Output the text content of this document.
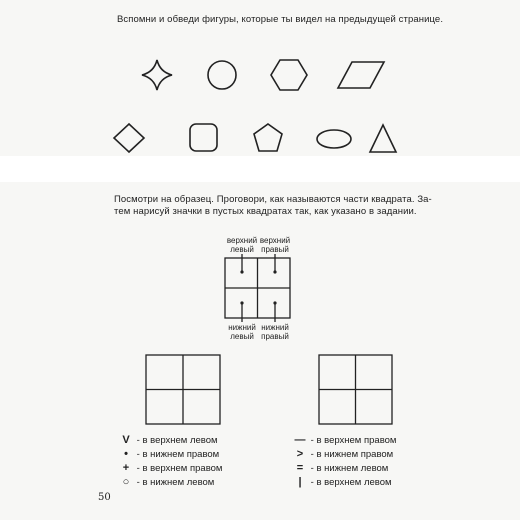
Вспомни и обведи фигуры, которые ты видел на предыдущей странице.
Посмотри на образец. Проговори, как называются части квадрата. За-
тем нарисуй значки в пустых квадратах так, как указано в задании.
верхний
левый
верхний
правый
нижний
левый
нижний
правый
V - в верхнем левом
• - в нижнем правом
+ - в верхнем правом
○ - в нижнем левом
— - в верхнем правом
> - в нижнем правом
= - в нижнем левом
| - в верхнем левом
50
